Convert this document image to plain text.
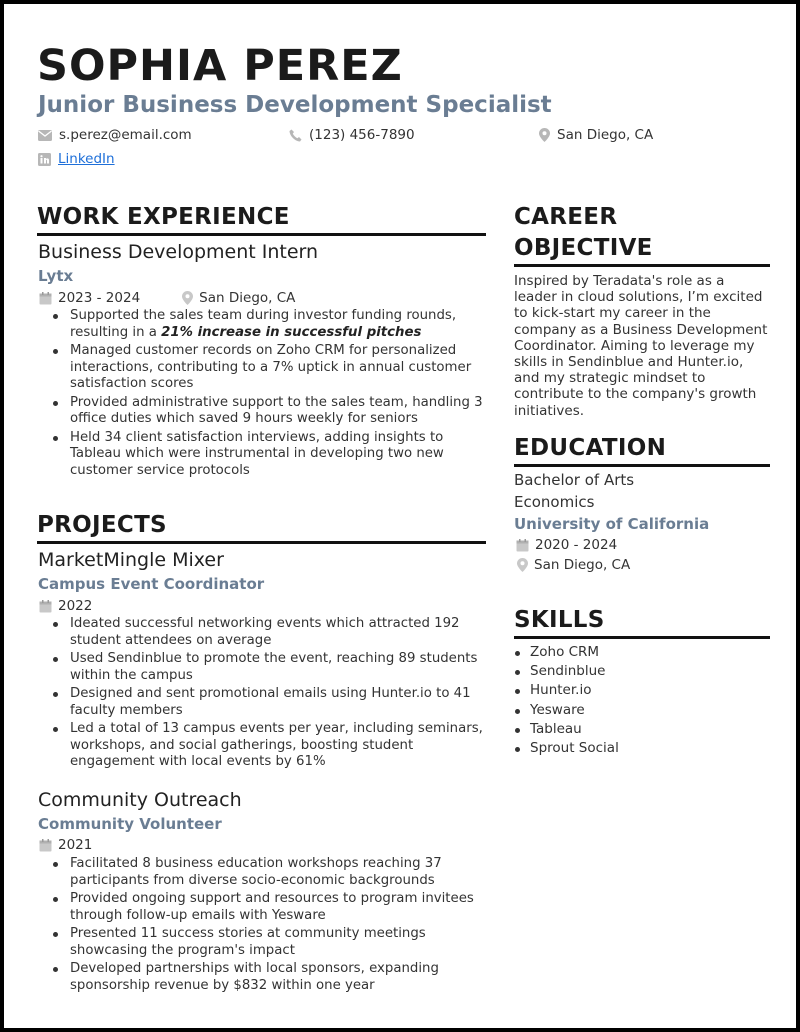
SOPHIA PEREZ
Junior Business Development Specialist
s.perez@email.com	(123) 456-7890	San Diego, CA
LinkedIn
WORK EXPERIENCE
Business Development Intern
Lytx
2023 - 2024	San Diego, CA
Supported the sales team during investor funding rounds, resulting in a 21% increase in successful pitches
Managed customer records on Zoho CRM for personalized interactions, contributing to a 7% uptick in annual customer satisfaction scores
Provided administrative support to the sales team, handling 3 office duties which saved 9 hours weekly for seniors
Held 34 client satisfaction interviews, adding insights to Tableau which were instrumental in developing two new customer service protocols
PROJECTS
MarketMingle Mixer
Campus Event Coordinator
2022
Ideated successful networking events which attracted 192 student attendees on average
Used Sendinblue to promote the event, reaching 89 students within the campus
Designed and sent promotional emails using Hunter.io to 41 faculty members
Led a total of 13 campus events per year, including seminars, workshops, and social gatherings, boosting student engagement with local events by 61%
Community Outreach
Community Volunteer
2021
Facilitated 8 business education workshops reaching 37 participants from diverse socio-economic backgrounds
Provided ongoing support and resources to program invitees through follow-up emails with Yesware
Presented 11 success stories at community meetings showcasing the program's impact
Developed partnerships with local sponsors, expanding sponsorship revenue by $832 within one year
CAREER
OBJECTIVE
Inspired by Teradata's role as a leader in cloud solutions, I’m excited to kick-start my career in the company as a Business Development Coordinator. Aiming to leverage my skills in Sendinblue and Hunter.io, and my strategic mindset to contribute to the company's growth initiatives.
EDUCATION
Bachelor of Arts
Economics
University of California
2020 - 2024
San Diego, CA
SKILLS
Zoho CRM
Sendinblue
Hunter.io
Yesware
Tableau
Sprout Social
